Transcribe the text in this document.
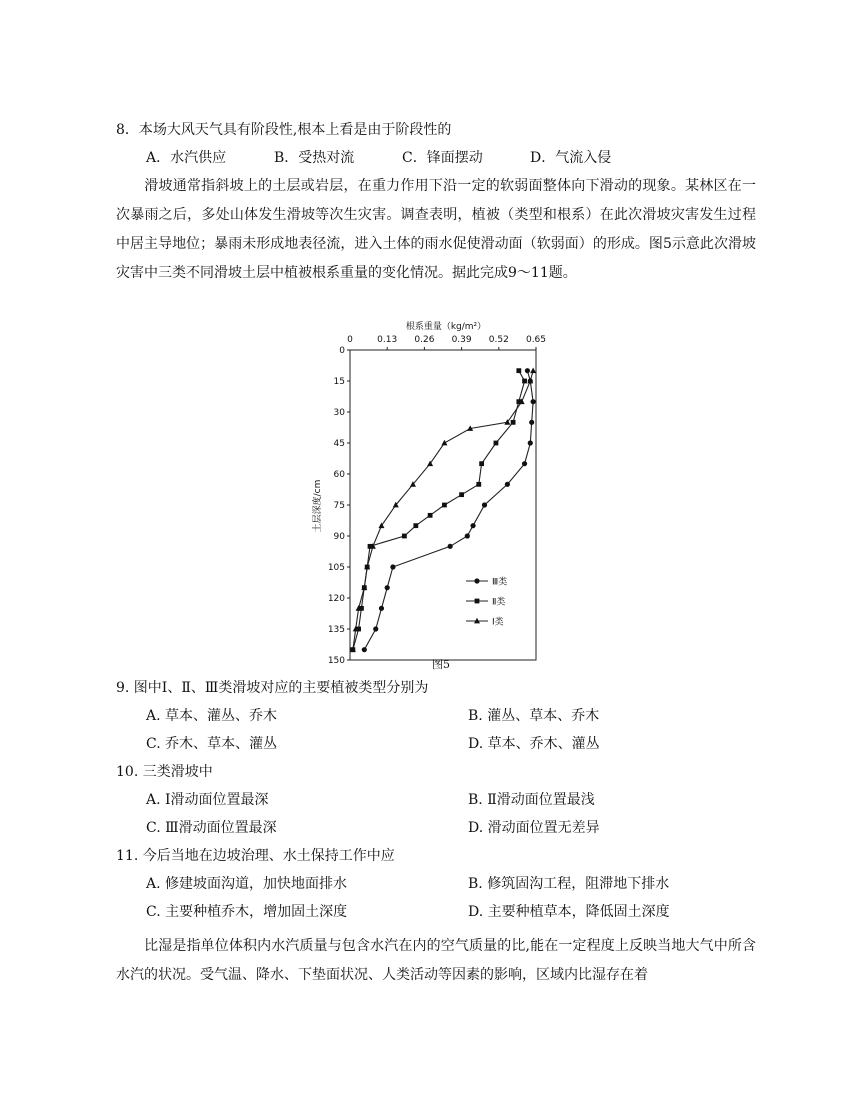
8．本场大风天气具有阶段性,根本上看是由于阶段性的
A．水汽供应	B．受热对流	C．锋面摆动	D．气流入侵
滑坡通常指斜坡上的土层或岩层，在重力作用下沿一定的软弱面整体向下滑动的现象。某林区在一次暴雨之后，多处山体发生滑坡等次生灾害。调查表明，植被（类型和根系）在此次滑坡灾害发生过程中居主导地位；暴雨未形成地表径流，进入土体的雨水促使滑动面（软弱面）的形成。图5示意此次滑坡灾害中三类不同滑坡土层中植被根系重量的变化情况。据此完成9～11题。
根系重量（kg/m²）
土层深度/cm
0	0.13 0.26 0.39 0.52 0.65
0
15
30
45
60
75
90
105
120
135
150
Ⅲ类
Ⅱ类
Ⅰ类
图5
9. 图中Ⅰ、Ⅱ、Ⅲ类滑坡对应的主要植被类型分别为
A. 草本、灌丛、乔木	B. 灌丛、草本、乔木
C. 乔木、草本、灌丛	D. 草本、乔木、灌丛
10. 三类滑坡中
A. Ⅰ滑动面位置最深	B. Ⅱ滑动面位置最浅
C. Ⅲ滑动面位置最深	D. 滑动面位置无差异
11. 今后当地在边坡治理、水土保持工作中应
A. 修建坡面沟道，加快地面排水	B. 修筑固沟工程，阻滞地下排水
C. 主要种植乔木，增加固土深度	D. 主要种植草本，降低固土深度
比湿是指单位体积内水汽质量与包含水汽在内的空气质量的比,能在一定程度上反映当地大气中所含水汽的状况。受气温、降水、下垫面状况、人类活动等因素的影响，区域内比湿存在着
